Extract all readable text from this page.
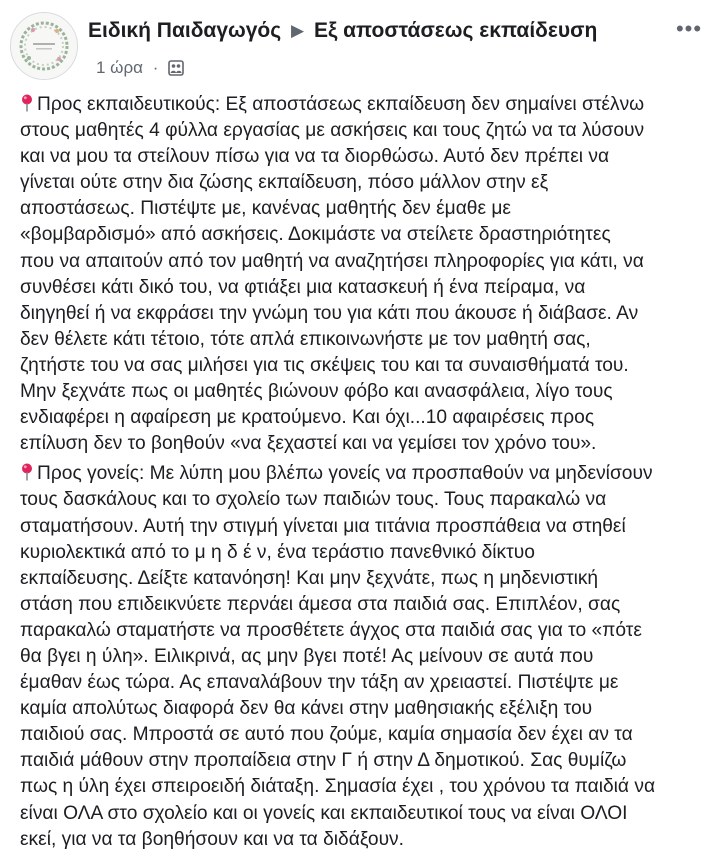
Ειδική Παιδαγωγός ▶ Εξ αποστάσεως εκπαίδευση
1 ώρα ·
•••

Προς εκπαιδευτικούς: Εξ αποστάσεως εκπαίδευση δεν σημαίνει στέλνω
στους μαθητές 4 φύλλα εργασίας με ασκήσεις και τους ζητώ να τα λύσουν
και να μου τα στείλουν πίσω για να τα διορθώσω. Αυτό δεν πρέπει να
γίνεται ούτε στην δια ζώσης εκπαίδευση, πόσο μάλλον στην εξ
αποστάσεως. Πιστέψτε με, κανένας μαθητής δεν έμαθε με
«βομβαρδισμό» από ασκήσεις. Δοκιμάστε να στείλετε δραστηριότητες
που να απαιτούν από τον μαθητή να αναζητήσει πληροφορίες για κάτι, να
συνθέσει κάτι δικό του, να φτιάξει μια κατασκευή ή ένα πείραμα, να
διηγηθεί ή να εκφράσει την γνώμη του για κάτι που άκουσε ή διάβασε. Αν
δεν θέλετε κάτι τέτοιο, τότε απλά επικοινωνήστε με τον μαθητή σας,
ζητήστε του να σας μιλήσει για τις σκέψεις του και τα συναισθήματά του.
Μην ξεχνάτε πως οι μαθητές βιώνουν φόβο και ανασφάλεια, λίγο τους
ενδιαφέρει η αφαίρεση με κρατούμενο. Και όχι...10 αφαιρέσεις προς
επίλυση δεν το βοηθούν «να ξεχαστεί και να γεμίσει τον χρόνο του».

Προς γονείς: Με λύπη μου βλέπω γονείς να προσπαθούν να μηδενίσουν
τους δασκάλους και το σχολείο των παιδιών τους. Τους παρακαλώ να
σταματήσουν. Αυτή την στιγμή γίνεται μια τιτάνια προσπάθεια να στηθεί
κυριολεκτικά από το μ η δ έ ν, ένα τεράστιο πανεθνικό δίκτυο
εκπαίδευσης. Δείξτε κατανόηση! Και μην ξεχνάτε, πως η μηδενιστική
στάση που επιδεικνύετε περνάει άμεσα στα παιδιά σας. Επιπλέον, σας
παρακαλώ σταματήστε να προσθέτετε άγχος στα παιδιά σας για το «πότε
θα βγει η ύλη». Ειλικρινά, ας μην βγει ποτέ! Ας μείνουν σε αυτά που
έμαθαν έως τώρα. Ας επαναλάβουν την τάξη αν χρειαστεί. Πιστέψτε με
καμία απολύτως διαφορά δεν θα κάνει στην μαθησιακής εξέλιξη του
παιδιού σας. Μπροστά σε αυτό που ζούμε, καμία σημασία δεν έχει αν τα
παιδιά μάθουν στην προπαίδεια στην Γ ή στην Δ δημοτικού. Σας θυμίζω
πως η ύλη έχει σπειροειδή διάταξη. Σημασία έχει , του χρόνου τα παιδιά να
είναι ΟΛΑ στο σχολείο και οι γονείς και εκπαιδευτικοί τους να είναι ΟΛΟΙ
εκεί, για να τα βοηθήσουν και να τα διδάξουν.
